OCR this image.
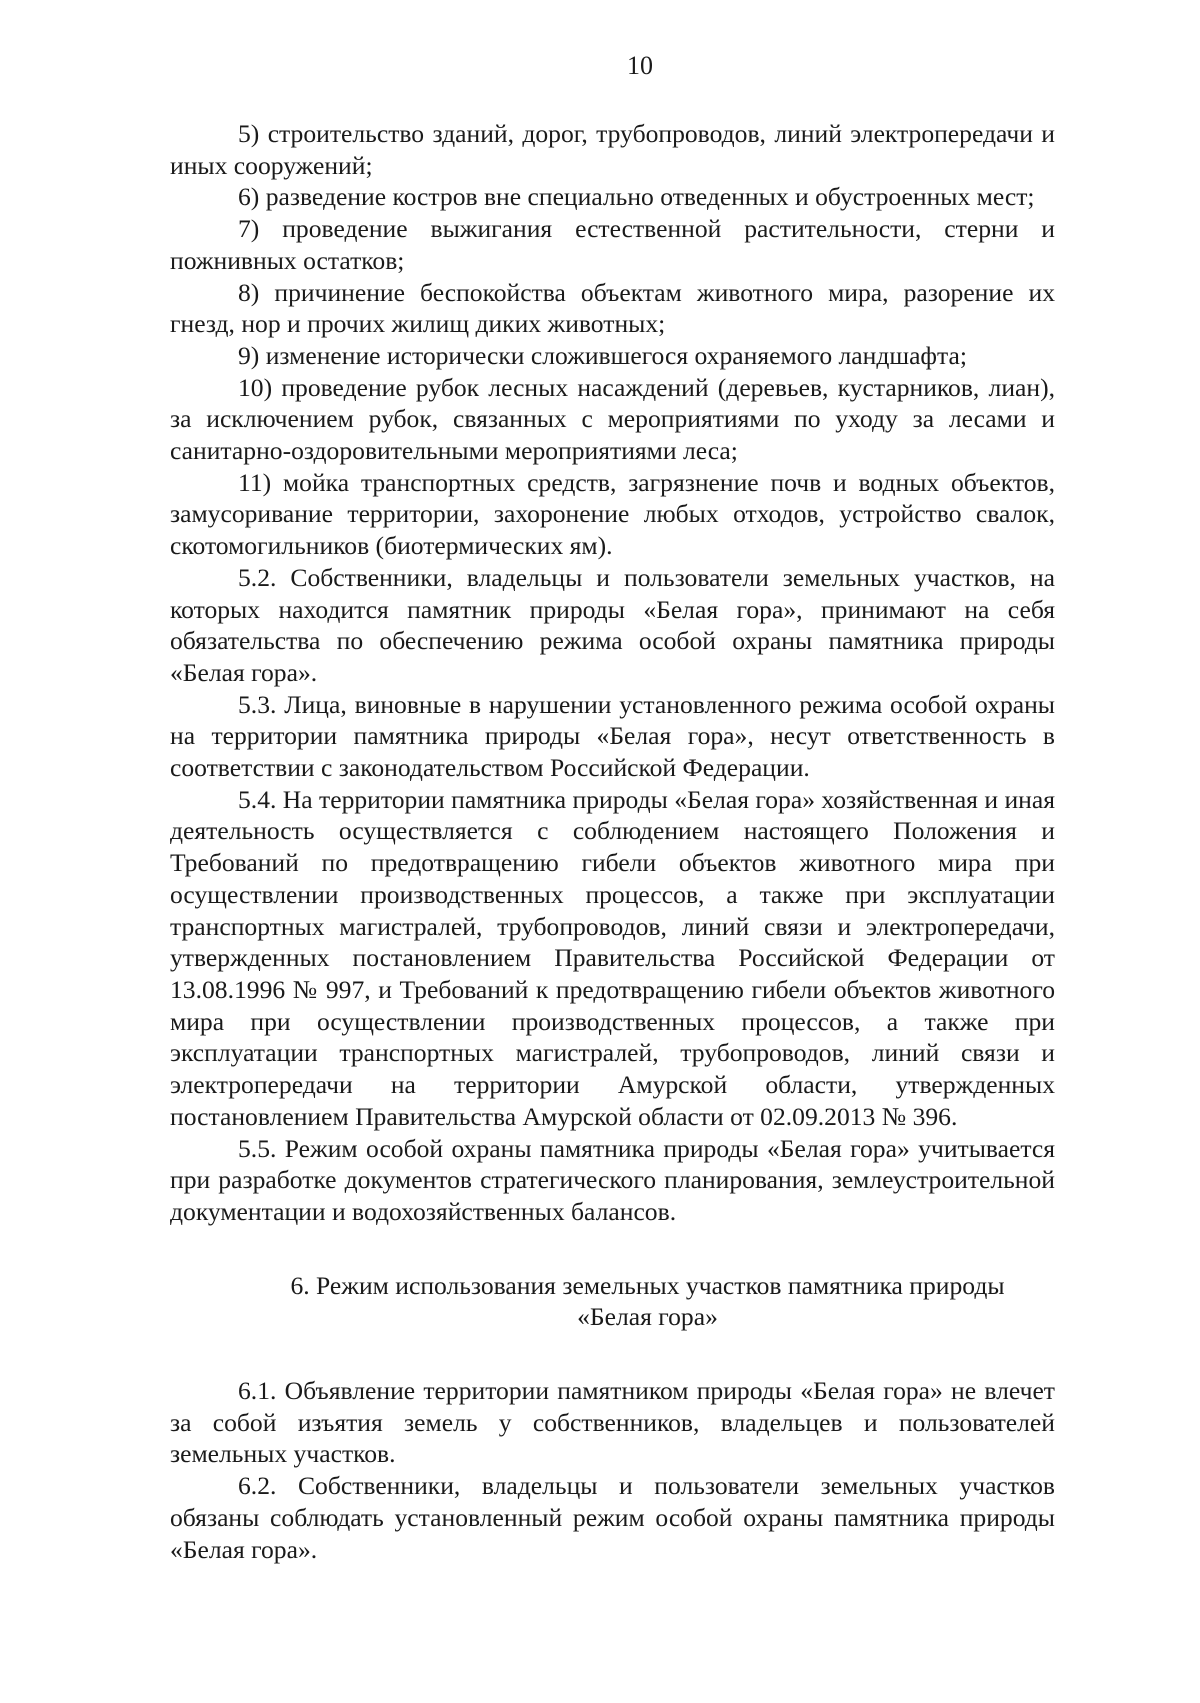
10

5) строительство зданий, дорог, трубопроводов, линий электропередачи и иных сооружений;

6) разведение костров вне специально отведенных и обустроенных мест;

7) проведение выжигания естественной растительности, стерни и пожнивных остатков;

8) причинение беспокойства объектам животного мира, разорение их гнезд, нор и прочих жилищ диких животных;

9) изменение исторически сложившегося охраняемого ландшафта;

10) проведение рубок лесных насаждений (деревьев, кустарников, лиан), за исключением рубок, связанных с мероприятиями по уходу за лесами и санитарно-оздоровительными мероприятиями леса;

11) мойка транспортных средств, загрязнение почв и водных объектов, замусоривание территории, захоронение любых отходов, устройство свалок, скотомогильников (биотермических ям).

5.2. Собственники, владельцы и пользователи земельных участков, на которых находится памятник природы «Белая гора», принимают на себя обязательства по обеспечению режима особой охраны памятника природы «Белая гора».

5.3. Лица, виновные в нарушении установленного режима особой охраны на территории памятника природы «Белая гора», несут ответственность в соответствии с законодательством Российской Федерации.

5.4. На территории памятника природы «Белая гора» хозяйственная и иная деятельность осуществляется с соблюдением настоящего Положения и Требований по предотвращению гибели объектов животного мира при осуществлении производственных процессов, а также при эксплуатации транспортных магистралей, трубопроводов, линий связи и электропередачи, утвержденных постановлением Правительства Российской Федерации от 13.08.1996 № 997, и Требований к предотвращению гибели объектов животного мира при осуществлении производственных процессов, а также при эксплуатации транспортных магистралей, трубопроводов, линий связи и электропередачи на территории Амурской области, утвержденных постановлением Правительства Амурской области от 02.09.2013 № 396.

5.5. Режим особой охраны памятника природы «Белая гора» учитывается при разработке документов стратегического планирования, землеустроительной документации и водохозяйственных балансов.

6. Режим использования земельных участков памятника природы
«Белая гора»

6.1. Объявление территории памятником природы «Белая гора» не влечет за собой изъятия земель у собственников, владельцев и пользователей земельных участков.

6.2. Собственники, владельцы и пользователи земельных участков обязаны соблюдать установленный режим особой охраны памятника природы «Белая гора».
